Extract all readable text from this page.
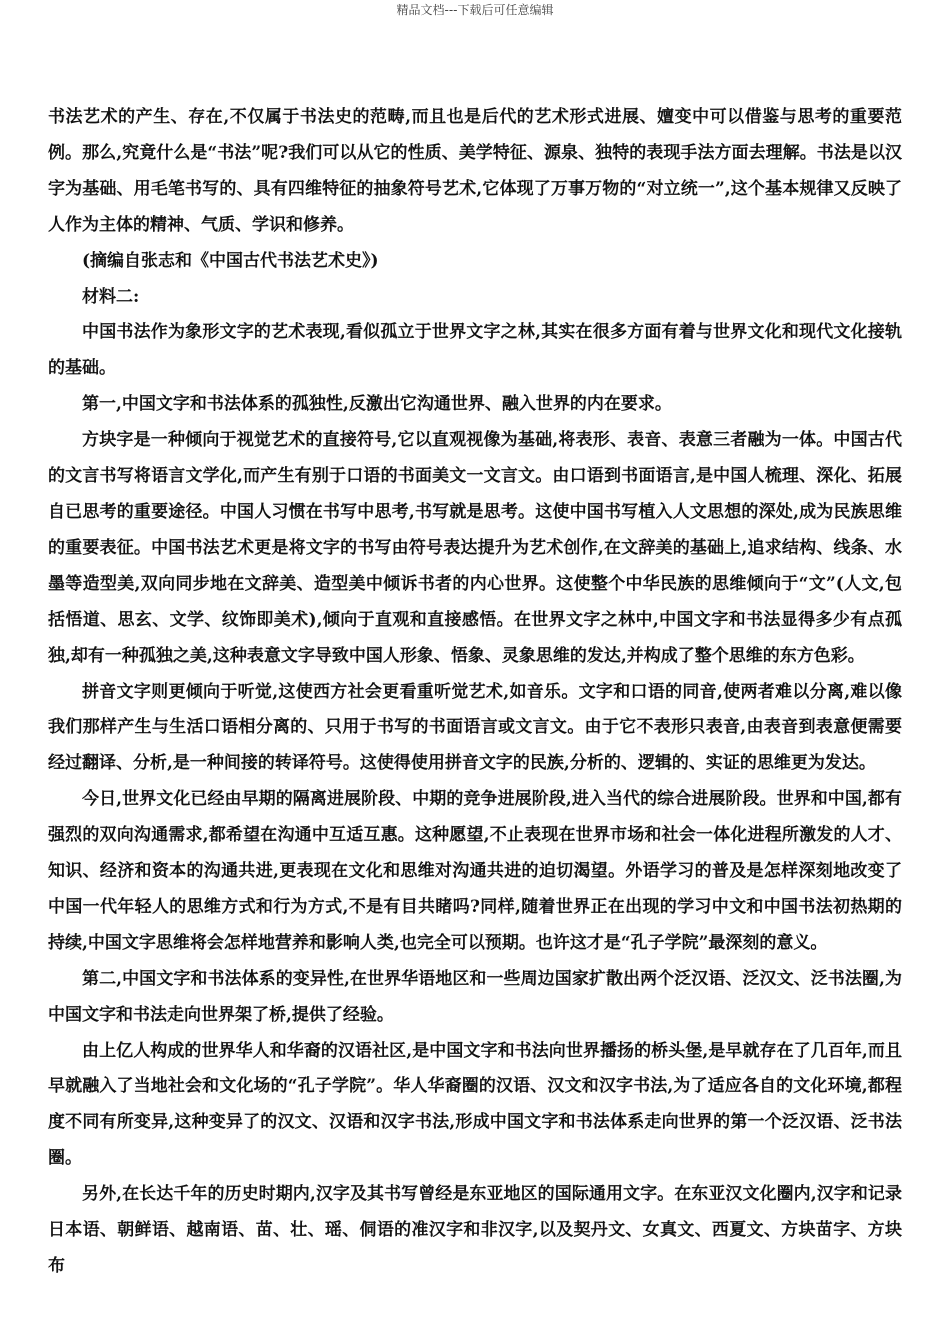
精品文档---下载后可任意编辑

书法艺术的产生、存在,不仅属于书法史的范畴,而且也是后代的艺术形式进展、嬗变中可以借鉴与思考的重要范例。那么,究竟什么是“书法”呢?我们可以从它的性质、美学特征、源泉、独特的表现手法方面去理解。书法是以汉字为基础、用毛笔书写的、具有四维特征的抽象符号艺术,它体现了万事万物的“对立统一”,这个基本规律又反映了人作为主体的精神、气质、学识和修养。

(摘编自张志和《中国古代书法艺术史》)

材料二:

中国书法作为象形文字的艺术表现,看似孤立于世界文字之林,其实在很多方面有着与世界文化和现代文化接轨的基础。

第一,中国文字和书法体系的孤独性,反激出它沟通世界、融入世界的内在要求。

方块字是一种倾向于视觉艺术的直接符号,它以直观视像为基础,将表形、表音、表意三者融为一体。中国古代的文言书写将语言文学化,而产生有别于口语的书面美文一文言文。由口语到书面语言,是中国人梳理、深化、拓展自已思考的重要途径。中国人习惯在书写中思考,书写就是思考。这使中国书写植入人文思想的深处,成为民族思维的重要表征。中国书法艺术更是将文字的书写由符号表达提升为艺术创作,在文辞美的基础上,追求结构、线条、水墨等造型美,双向同步地在文辞美、造型美中倾诉书者的内心世界。这使整个中华民族的思维倾向于“文”(人文,包括悟道、思玄、文学、纹饰即美术),倾向于直观和直接感悟。在世界文字之林中,中国文字和书法显得多少有点孤独,却有一种孤独之美,这种表意文字导致中国人形象、悟象、灵象思维的发达,并构成了整个思维的东方色彩。

拼音文字则更倾向于听觉,这使西方社会更看重听觉艺术,如音乐。文字和口语的同音,使两者难以分离,难以像我们那样产生与生活口语相分离的、只用于书写的书面语言或文言文。由于它不表形只表音,由表音到表意便需要经过翻译、分析,是一种间接的转译符号。这使得使用拼音文字的民族,分析的、逻辑的、实证的思维更为发达。

今日,世界文化已经由早期的隔离进展阶段、中期的竞争进展阶段,进入当代的综合进展阶段。世界和中国,都有强烈的双向沟通需求,都希望在沟通中互适互惠。这种愿望,不止表现在世界市场和社会一体化进程所激发的人才、知识、经济和资本的沟通共进,更表现在文化和思维对沟通共进的迫切渴望。外语学习的普及是怎样深刻地改变了中国一代年轻人的思维方式和行为方式,不是有目共睹吗?同样,随着世界正在出现的学习中文和中国书法初热期的持续,中国文字思维将会怎样地营养和影响人类,也完全可以预期。也许这才是“孔子学院”最深刻的意义。

第二,中国文字和书法体系的变异性,在世界华语地区和一些周边国家扩散出两个泛汉语、泛汉文、泛书法圈,为中国文字和书法走向世界架了桥,提供了经验。

由上亿人构成的世界华人和华裔的汉语社区,是中国文字和书法向世界播扬的桥头堡,是早就存在了几百年,而且早就融入了当地社会和文化场的“孔子学院”。华人华裔圈的汉语、汉文和汉字书法,为了适应各自的文化环境,都程度不同有所变异,这种变异了的汉文、汉语和汉字书法,形成中国文字和书法体系走向世界的第一个泛汉语、泛书法圈。

另外,在长达千年的历史时期内,汉字及其书写曾经是东亚地区的国际通用文字。在东亚汉文化圈内,汉字和记录日本语、朝鲜语、越南语、苗、壮、瑶、侗语的准汉字和非汉字,以及契丹文、女真文、西夏文、方块苗字、方块布
